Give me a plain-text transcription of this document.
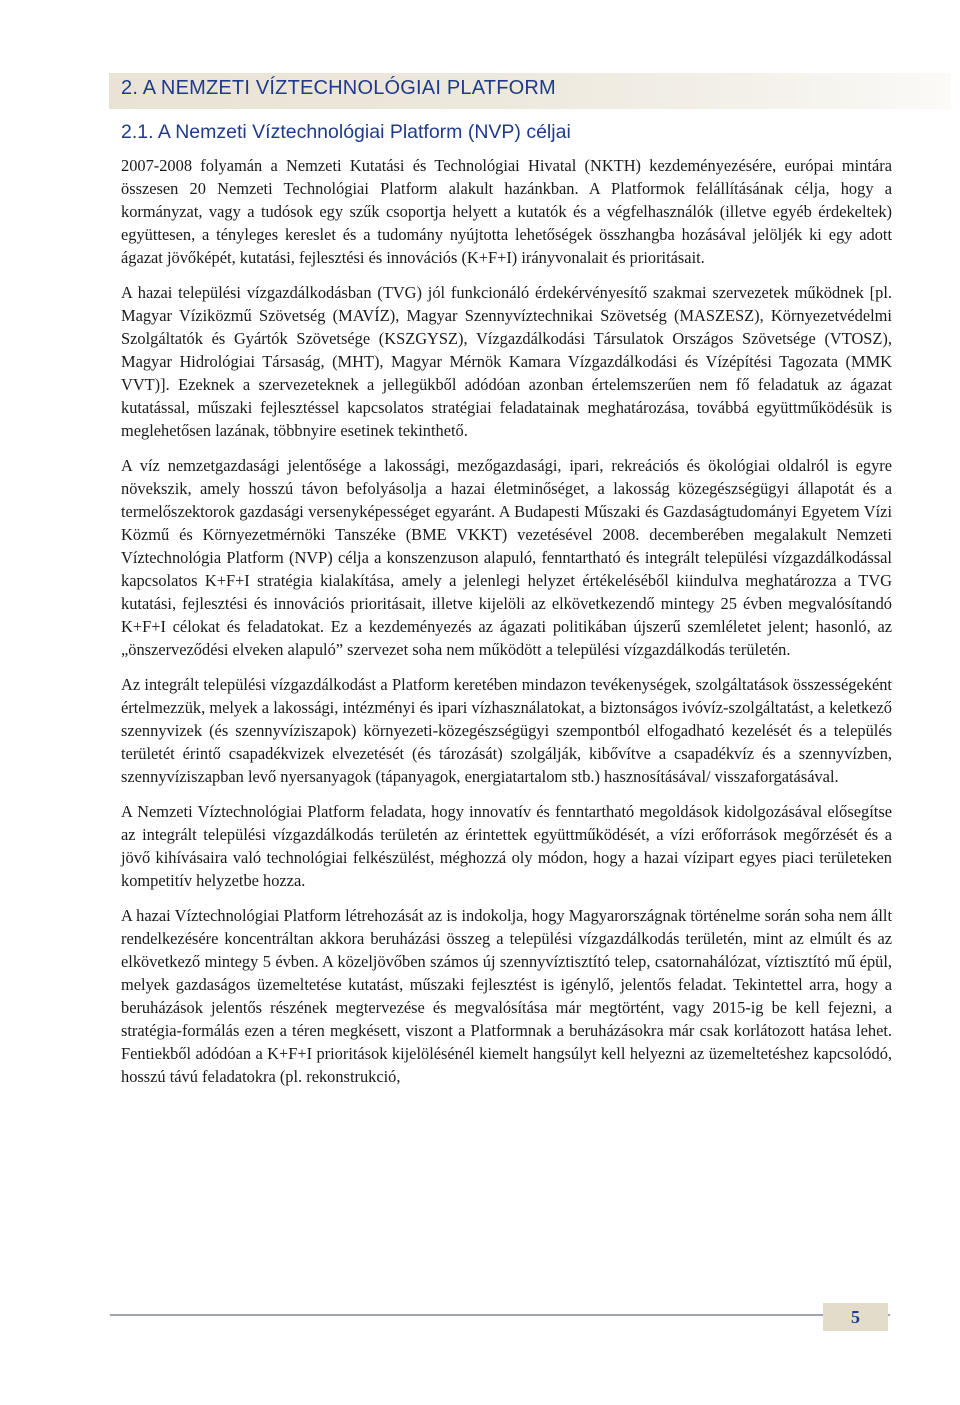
2. A NEMZETI VÍZTECHNOLÓGIAI PLATFORM
2.1. A Nemzeti Víztechnológiai Platform (NVP) céljai

2007-2008 folyamán a Nemzeti Kutatási és Technológiai Hivatal (NKTH) kezdeményezésére, európai mintára összesen 20 Nemzeti Technológiai Platform alakult hazánkban. A Platformok felállításának célja, hogy a kormányzat, vagy a tudósok egy szűk csoportja helyett a kutatók és a végfelhasználók (illetve egyéb érdekeltek) együttesen, a tényleges kereslet és a tudomány nyújtotta lehetőségek összhangba hozásával jelöljék ki egy adott ágazat jövőképét, kutatási, fejlesztési és innovációs (K+F+I) irányvonalait és prioritásait.

A hazai települési vízgazdálkodásban (TVG) jól funkcionáló érdekérvényesítő szakmai szervezetek működnek [pl. Magyar Víziközmű Szövetség (MAVÍZ), Magyar Szennyvíztechnikai Szövetség (MASZESZ), Környezetvédelmi Szolgáltatók és Gyártók Szövetsége (KSZGYSZ), Vízgazdálkodási Társulatok Országos Szövetsége (VTOSZ), Magyar Hidrológiai Társaság, (MHT), Magyar Mérnök Kamara Vízgazdálkodási és Vízépítési Tagozata (MMK VVT)]. Ezeknek a szervezeteknek a jellegükből adódóan azonban értelemszerűen nem fő feladatuk az ágazat kutatással, műszaki fejlesztéssel kapcsolatos stratégiai feladatainak meghatározása, továbbá együttműködésük is meglehetősen lazának, többnyire esetinek tekinthető.

A víz nemzetgazdasági jelentősége a lakossági, mezőgazdasági, ipari, rekreációs és ökológiai oldalról is egyre növekszik, amely hosszú távon befolyásolja a hazai életminőséget, a lakosság közegészségügyi állapotát és a termelőszektorok gazdasági versenyképességet egyaránt. A Budapesti Műszaki és Gazdaságtudományi Egyetem Vízi Közmű és Környezetmérnöki Tanszéke (BME VKKT) vezetésével 2008. decemberében megalakult Nemzeti Víztechnológia Platform (NVP) célja a konszenzuson alapuló, fenntartható és integrált települési vízgazdálkodással kapcsolatos K+F+I stratégia kialakítása, amely a jelenlegi helyzet értékeléséből kiindulva meghatározza a TVG kutatási, fejlesztési és innovációs prioritásait, illetve kijelöli az elkövetkezendő mintegy 25 évben megvalósítandó K+F+I célokat és feladatokat. Ez a kezdeményezés az ágazati politikában újszerű szemléletet jelent; hasonló, az „önszerveződési elveken alapuló” szervezet soha nem működött a települési vízgazdálkodás területén.

Az integrált települési vízgazdálkodást a Platform keretében mindazon tevékenységek, szolgáltatások összességeként értelmezzük, melyek a lakossági, intézményi és ipari vízhasználatokat, a biztonságos ivóvíz-szolgáltatást, a keletkező szennyvizek (és szennyvíziszapok) környezeti-közegészségügyi szempontból elfogadható kezelését és a település területét érintő csapadékvizek elvezetését (és tározását) szolgálják, kibővítve a csapadékvíz és a szennyvízben, szennyvíziszapban levő nyersanyagok (tápanyagok, energiatartalom stb.) hasznosításával/ visszaforgatásával.

A Nemzeti Víztechnológiai Platform feladata, hogy innovatív és fenntartható megoldások kidolgozásával elősegítse az integrált települési vízgazdálkodás területén az érintettek együttműködését, a vízi erőforrások megőrzését és a jövő kihívásaira való technológiai felkészülést, méghozzá oly módon, hogy a hazai vízipart egyes piaci területeken kompetitív helyzetbe hozza.

A hazai Víztechnológiai Platform létrehozását az is indokolja, hogy Magyarországnak történelme során soha nem állt rendelkezésére koncentráltan akkora beruházási összeg a települési vízgazdálkodás területén, mint az elmúlt és az elkövetkező mintegy 5 évben. A közeljövőben számos új szennyvíztisztító telep, csatornahálózat, víztisztító mű épül, melyek gazdaságos üzemeltetése kutatást, műszaki fejlesztést is igénylő, jelentős feladat. Tekintettel arra, hogy a beruházások jelentős részének megtervezése és megvalósítása már megtörtént, vagy 2015-ig be kell fejezni, a stratégia-formálás ezen a téren megkésett, viszont a Platformnak a beruházásokra már csak korlátozott hatása lehet. Fentiekből adódóan a K+F+I prioritások kijelölésénél kiemelt hangsúlyt kell helyezni az üzemeltetéshez kapcsolódó, hosszú távú feladatokra (pl. rekonstrukció,

5
